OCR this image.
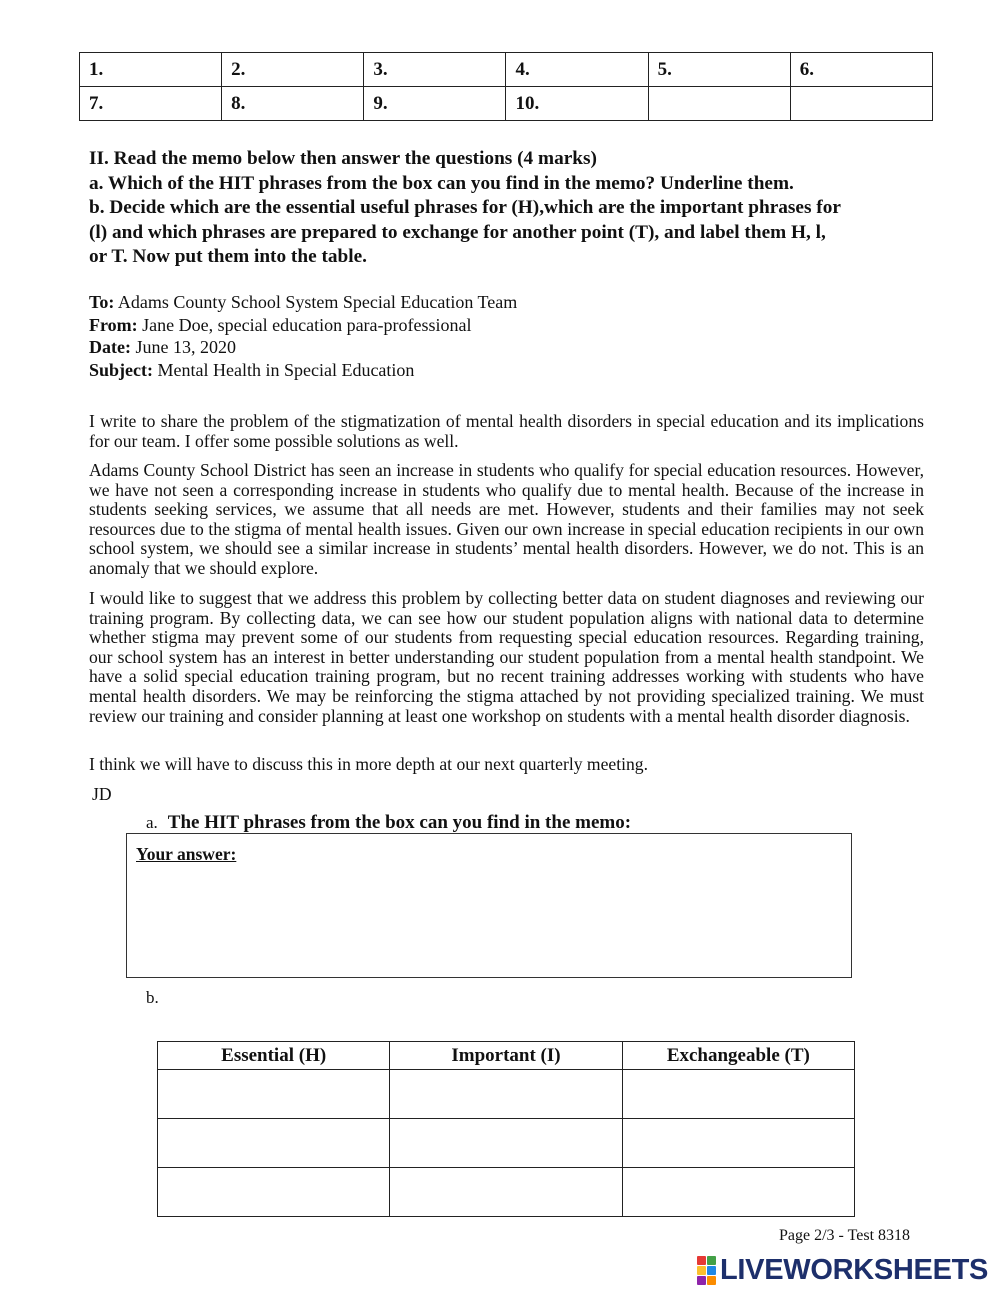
1.	2.	3.	4.	5.	6.
7.	8.	9.	10.		
II. Read the memo below then answer the questions (4 marks)
a. Which of the HIT phrases from the box can you find in the memo? Underline them.
b. Decide which are the essential useful phrases for (H),which are the important phrases for
(l) and which phrases are prepared to exchange for another point (T), and label them H, l,
or T. Now put them into the table.
To: Adams County School System Special Education Team
From: Jane Doe, special education para-professional
Date: June 13, 2020
Subject: Mental Health in Special Education
I write to share the problem of the stigmatization of mental health disorders in special education and its implications for our team. I offer some possible solutions as well.
Adams County School District has seen an increase in students who qualify for special education resources. However, we have not seen a corresponding increase in students who qualify due to mental health. Because of the increase in students seeking services, we assume that all needs are met. However, students and their families may not seek resources due to the stigma of mental health issues. Given our own increase in special education recipients in our own school system, we should see a similar increase in students’ mental health disorders. However, we do not. This is an anomaly that we should explore.
I would like to suggest that we address this problem by collecting better data on student diagnoses and reviewing our training program. By collecting data, we can see how our student population aligns with national data to determine whether stigma may prevent some of our students from requesting special education resources. Regarding training, our school system has an interest in better understanding our student population from a mental health standpoint. We have a solid special education training program, but no recent training addresses working with students who have mental health disorders. We may be reinforcing the stigma attached by not providing specialized training. We must review our training and consider planning at least one workshop on students with a mental health disorder diagnosis.
I think we will have to discuss this in more depth at our next quarterly meeting.
JD
a. The HIT phrases from the box can you find in the memo:
Your answer:
b.
Essential (H)	Important (I)	Exchangeable (T)

Page 2/3 - Test 8318
LIVEWORKSHEETS
